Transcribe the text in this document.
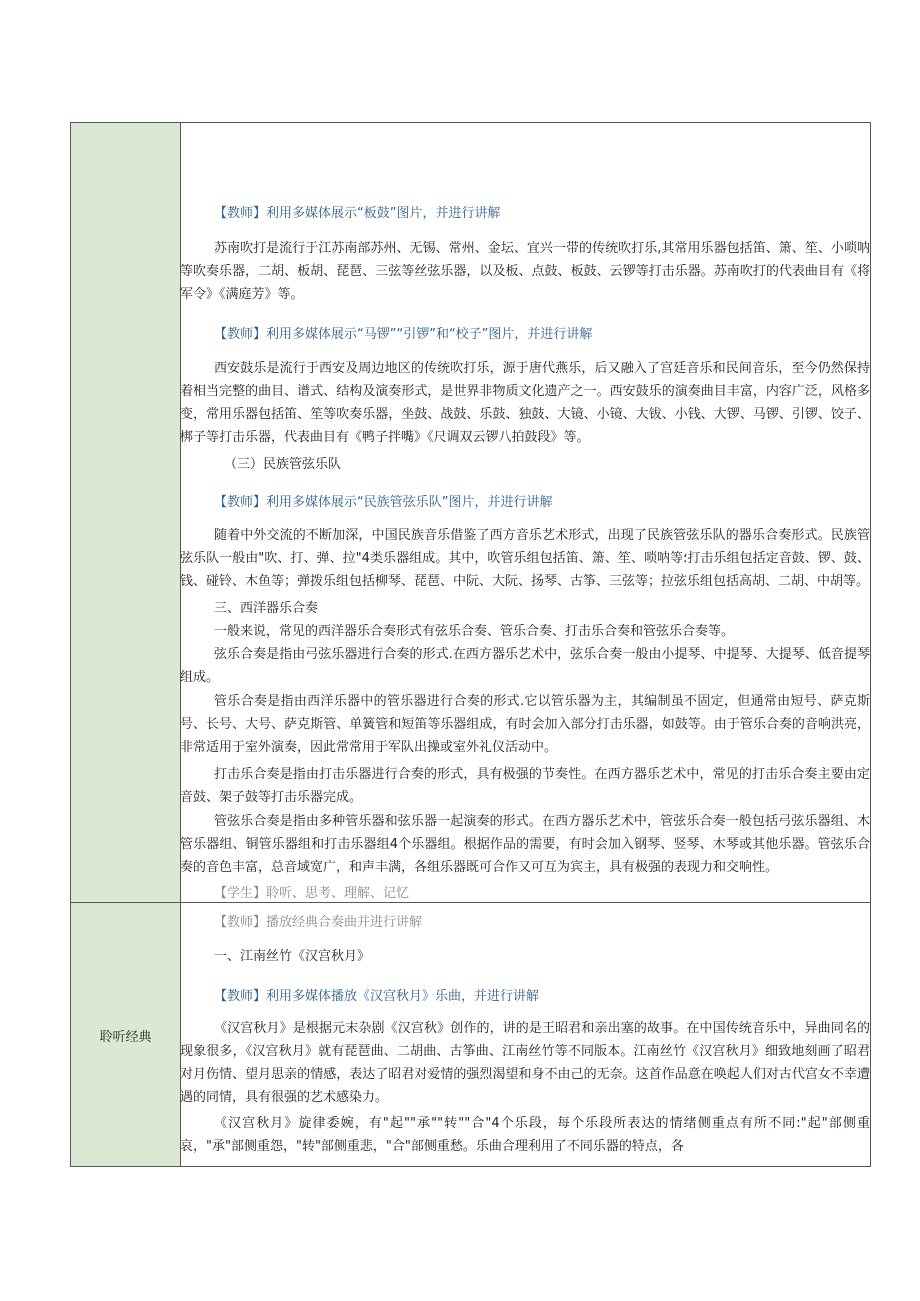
聆听经典
【教师】利用多媒体展示“板鼓”图片，并进行讲解
苏南吹打是流行于江苏南部苏州、无锡、常州、金坛、宜兴一带的传统吹打乐,其常用乐器包括笛、箫、笙、小唢呐等吹奏乐器，二胡、板胡、琵琶、三弦等丝弦乐器，以及板、点鼓、板鼓、云锣等打击乐器。苏南吹打的代表曲目有《将军令》《满庭芳》等。
【教师】利用多媒体展示“马锣”“引锣”和“校子”图片，并进行讲解
西安鼓乐是流行于西安及周边地区的传统吹打乐，源于唐代燕乐，后又融入了宫廷音乐和民间音乐，至今仍然保持着相当完整的曲目、谱式、结构及演奏形式，是世界非物质文化遗产之一。西安鼓乐的演奏曲目丰富，内容广泛，风格多变，常用乐器包括笛、笙等吹奏乐器，坐鼓、战鼓、乐鼓、独鼓、大镜、小镜、大钹、小钱、大锣、马锣、引锣、饺子、梆子等打击乐器，代表曲目有《鸭子拌嘴》《尺调双云锣八拍鼓段》等。
（三）民族管弦乐队
【教师】利用多媒体展示“民族管弦乐队”图片，并进行讲解
随着中外交流的不断加深，中国民族音乐借鉴了西方音乐艺术形式，出现了民族管弦乐队的器乐合奏形式。民族管弦乐队一般由"吹、打、弹、拉"4类乐器组成。其中，吹管乐组包括笛、箫、笙、唢呐等؛打击乐组包括定音鼓、锣、鼓、钱、碰铃、木鱼等；弹拨乐组包括柳琴、琵琶、中阮、大阮、扬琴、古筝、三弦等；拉弦乐组包括高胡、二胡、中胡等。
三、西洋器乐合奏
一般来说，常见的西洋器乐合奏形式有弦乐合奏、管乐合奏、打击乐合奏和管弦乐合奏等。
弦乐合奏是指由弓弦乐器进行合奏的形式.在西方器乐艺术中，弦乐合奏一般由小提琴、中提琴、大提琴、低音提琴组成。
管乐合奏是指由西洋乐器中的管乐器进行合奏的形式.它以管乐器为主，其编制虽不固定，但通常由短号、萨克斯号、长号、大号、萨克斯管、单簧管和短笛等乐器组成，有时会加入部分打击乐器，如鼓等。由于管乐合奏的音响洪亮，非常适用于室外演奏，因此常常用于军队出操或室外礼仪活动中。
打击乐合奏是指由打击乐器进行合奏的形式，具有极强的节奏性。在西方器乐艺术中，常见的打击乐合奏主要由定音鼓、架子鼓等打击乐器完成。
管弦乐合奏是指由多种管乐器和弦乐器一起演奏的形式。在西方器乐艺术中，管弦乐合奏一般包括弓弦乐器组、木管乐器组、铜管乐器组和打击乐器组4个乐器组。根据作品的需要，有时会加入钢琴、竖琴、木琴或其他乐器。管弦乐合奏的音色丰富，总音域宽广，和声丰满，各组乐器既可合作又可互为宾主，具有极强的表现力和交响性。
【学生】聆听、思考、理解、记忆
【教师】播放经典合奏曲并进行讲解
一、江南丝竹《汉宫秋月》
【教师】利用多媒体播放《汉宫秋月》乐曲，并进行讲解
《汉宫秋月》是根据元末杂剧《汉宫秋》创作的，讲的是王昭君和亲出塞的故事。在中国传统音乐中，异曲同名的现象很多，《汉宫秋月》就有琵琶曲、二胡曲、古筝曲、江南丝竹等不同版本。江南丝竹《汉宫秋月》细致地刻画了昭君对月伤情、望月思亲的情感，表达了昭君对爱情的强烈渴望和身不由己的无奈。这首作品意在唤起人们对古代宫女不幸遭遇的同情，具有很强的艺术感染力。
《汉宫秋月》旋律委婉，有"起""承""转""合"4个乐段，每个乐段所表达的情绪侧重点有所不同:"起"部侧重哀，"承"部侧重怨，"转"部侧重悲，"合"部侧重愁。乐曲合理利用了不同乐器的特点，各
